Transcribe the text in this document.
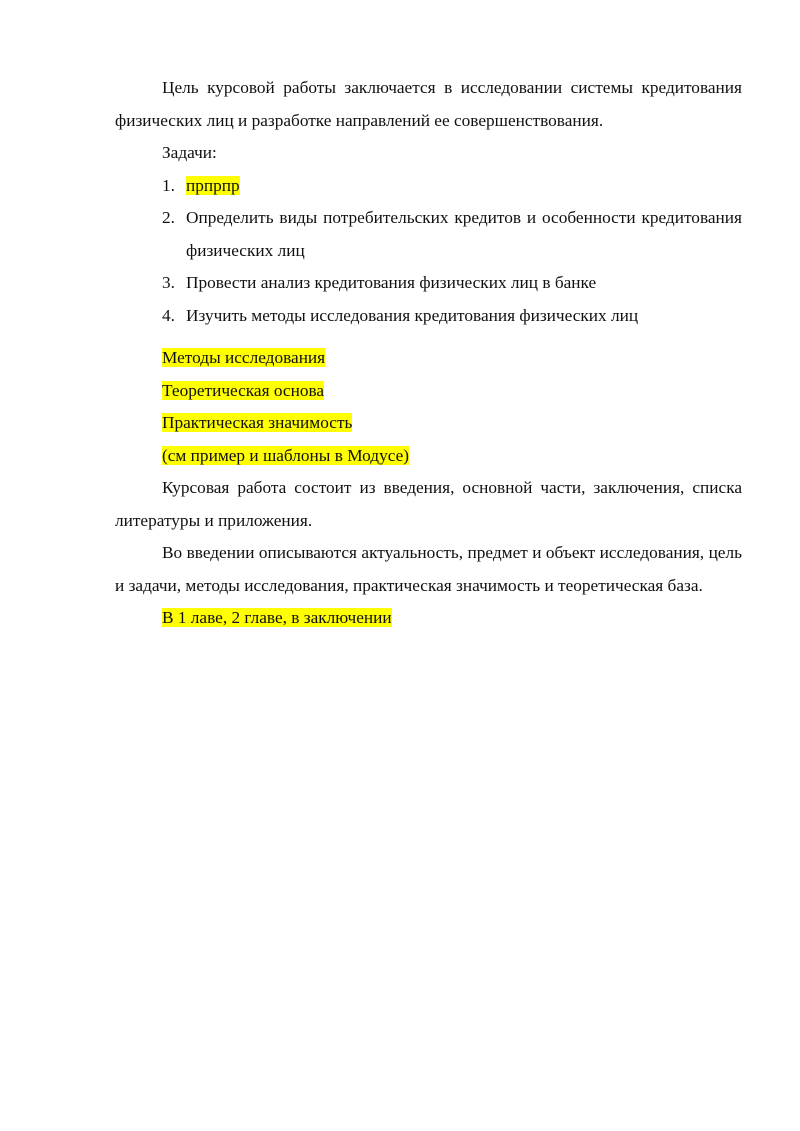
Цель курсовой работы заключается в исследовании системы кредитования физических лиц и разработке направлений ее совершенствования.

Задачи:

1. прпрпр
2. Определить виды потребительских кредитов и особенности кредитования физических лиц
3. Провести анализ кредитования физических лиц в банке
4. Изучить методы исследования кредитования физических лиц

Методы исследования

Теоретическая основа

Практическая значимость

(см пример и шаблоны в Модусе)

Курсовая работа состоит из введения, основной части, заключения, списка литературы и приложения.

Во введении описываются актуальность, предмет и объект исследования, цель и задачи, методы исследования, практическая значимость и теоретическая база.

В 1 лаве, 2 главе, в заключении
